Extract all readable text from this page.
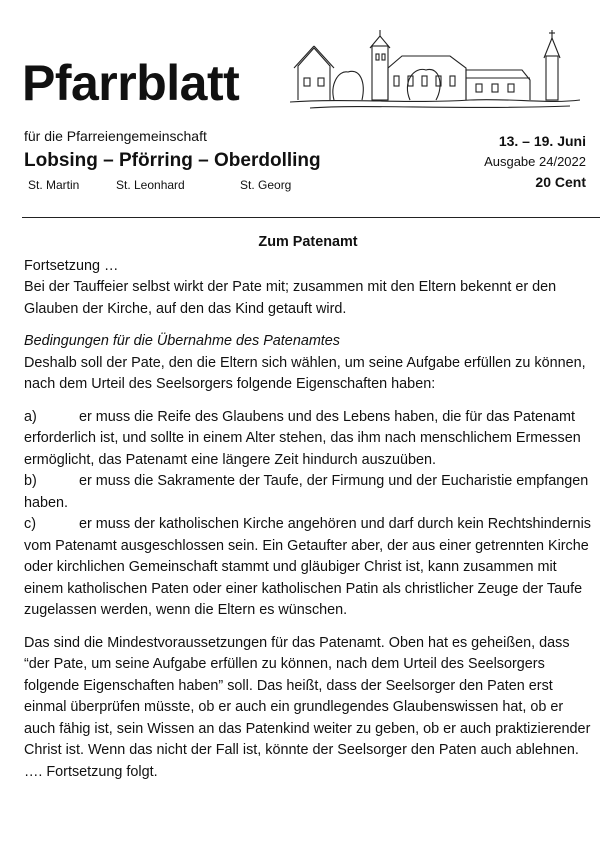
Pfarrblatt
für die Pfarreiengemeinschaft
Lobsing – Pförring – Oberdolling
St. Martin	St. Leonhard	St. Georg
13. – 19. Juni
Ausgabe 24/2022
20 Cent

Zum Patenamt

Fortsetzung …

Bei der Tauffeier selbst wirkt der Pate mit; zusammen mit den Eltern bekennt er den Glauben der Kirche, auf den das Kind getauft wird.

Bedingungen für die Übernahme des Patenamtes

Deshalb soll der Pate, den die Eltern sich wählen, um seine Aufgabe erfüllen zu können, nach dem Urteil des Seelsorgers folgende Eigenschaften haben:

a)	er muss die Reife des Glaubens und des Lebens haben, die für das Patenamt erforderlich ist, und sollte in einem Alter stehen, das ihm nach menschlichem Ermessen ermöglicht, das Patenamt eine längere Zeit hindurch auszuüben.

b)	er muss die Sakramente der Taufe, der Firmung und der Eucharistie empfangen haben.

c)	er muss der katholischen Kirche angehören und darf durch kein Rechtshindernis vom Patenamt ausgeschlossen sein. Ein Getaufter aber, der aus einer getrennten Kirche oder kirchlichen Gemeinschaft stammt und gläubiger Christ ist, kann zusammen mit einem katholischen Paten oder einer katholischen Patin als christlicher Zeuge der Taufe zugelassen werden, wenn die Eltern es wünschen.

Das sind die Mindestvoraussetzungen für das Patenamt. Oben hat es geheißen, dass “der Pate, um seine Aufgabe erfüllen zu können, nach dem Urteil des Seelsorgers folgende Eigenschaften haben” soll. Das heißt, dass der Seelsorger den Paten erst einmal überprüfen müsste, ob er auch ein grundlegendes Glaubenswissen hat, ob er auch fähig ist, sein Wissen an das Patenkind weiter zu geben, ob er auch praktizierender Christ ist. Wenn das nicht der Fall ist, könnte der Seelsorger den Paten auch ablehnen.

…. Fortsetzung folgt.
